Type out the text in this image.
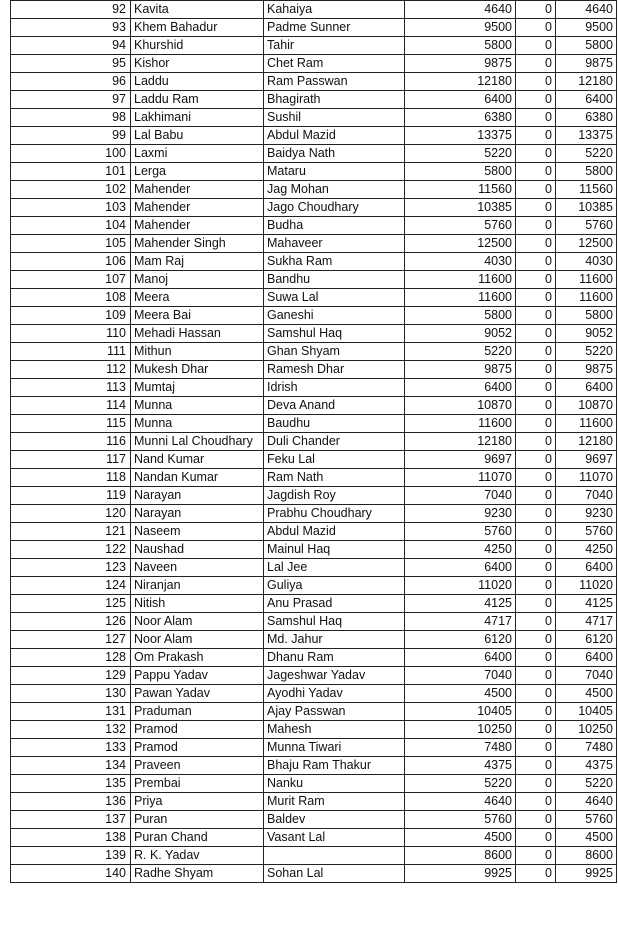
92	Kavita	Kahaiya	4640	0	4640
93	Khem Bahadur	Padme Sunner	9500	0	9500
94	Khurshid	Tahir	5800	0	5800
95	Kishor	Chet Ram	9875	0	9875
96	Laddu	Ram Passwan	12180	0	12180
97	Laddu Ram	Bhagirath	6400	0	6400
98	Lakhimani	Sushil	6380	0	6380
99	Lal Babu	Abdul Mazid	13375	0	13375
100	Laxmi	Baidya Nath	5220	0	5220
101	Lerga	Mataru	5800	0	5800
102	Mahender	Jag Mohan	11560	0	11560
103	Mahender	Jago Choudhary	10385	0	10385
104	Mahender	Budha	5760	0	5760
105	Mahender Singh	Mahaveer	12500	0	12500
106	Mam Raj	Sukha Ram	4030	0	4030
107	Manoj	Bandhu	11600	0	11600
108	Meera	Suwa Lal	11600	0	11600
109	Meera Bai	Ganeshi	5800	0	5800
110	Mehadi Hassan	Samshul Haq	9052	0	9052
111	Mithun	Ghan Shyam	5220	0	5220
112	Mukesh Dhar	Ramesh Dhar	9875	0	9875
113	Mumtaj	Idrish	6400	0	6400
114	Munna	Deva Anand	10870	0	10870
115	Munna	Baudhu	11600	0	11600
116	Munni Lal Choudhary	Duli Chander	12180	0	12180
117	Nand Kumar	Feku Lal	9697	0	9697
118	Nandan Kumar	Ram Nath	11070	0	11070
119	Narayan	Jagdish Roy	7040	0	7040
120	Narayan	Prabhu Choudhary	9230	0	9230
121	Naseem	Abdul Mazid	5760	0	5760
122	Naushad	Mainul Haq	4250	0	4250
123	Naveen	Lal Jee	6400	0	6400
124	Niranjan	Guliya	11020	0	11020
125	Nitish	Anu Prasad	4125	0	4125
126	Noor Alam	Samshul Haq	4717	0	4717
127	Noor Alam	Md. Jahur	6120	0	6120
128	Om Prakash	Dhanu Ram	6400	0	6400
129	Pappu Yadav	Jageshwar Yadav	7040	0	7040
130	Pawan Yadav	Ayodhi Yadav	4500	0	4500
131	Praduman	Ajay Passwan	10405	0	10405
132	Pramod	Mahesh	10250	0	10250
133	Pramod	Munna Tiwari	7480	0	7480
134	Praveen	Bhaju Ram Thakur	4375	0	4375
135	Prembai	Nanku	5220	0	5220
136	Priya	Murit Ram	4640	0	4640
137	Puran	Baldev	5760	0	5760
138	Puran Chand	Vasant Lal	4500	0	4500
139	R. K. Yadav		8600	0	8600
140	Radhe Shyam	Sohan Lal	9925	0	9925
